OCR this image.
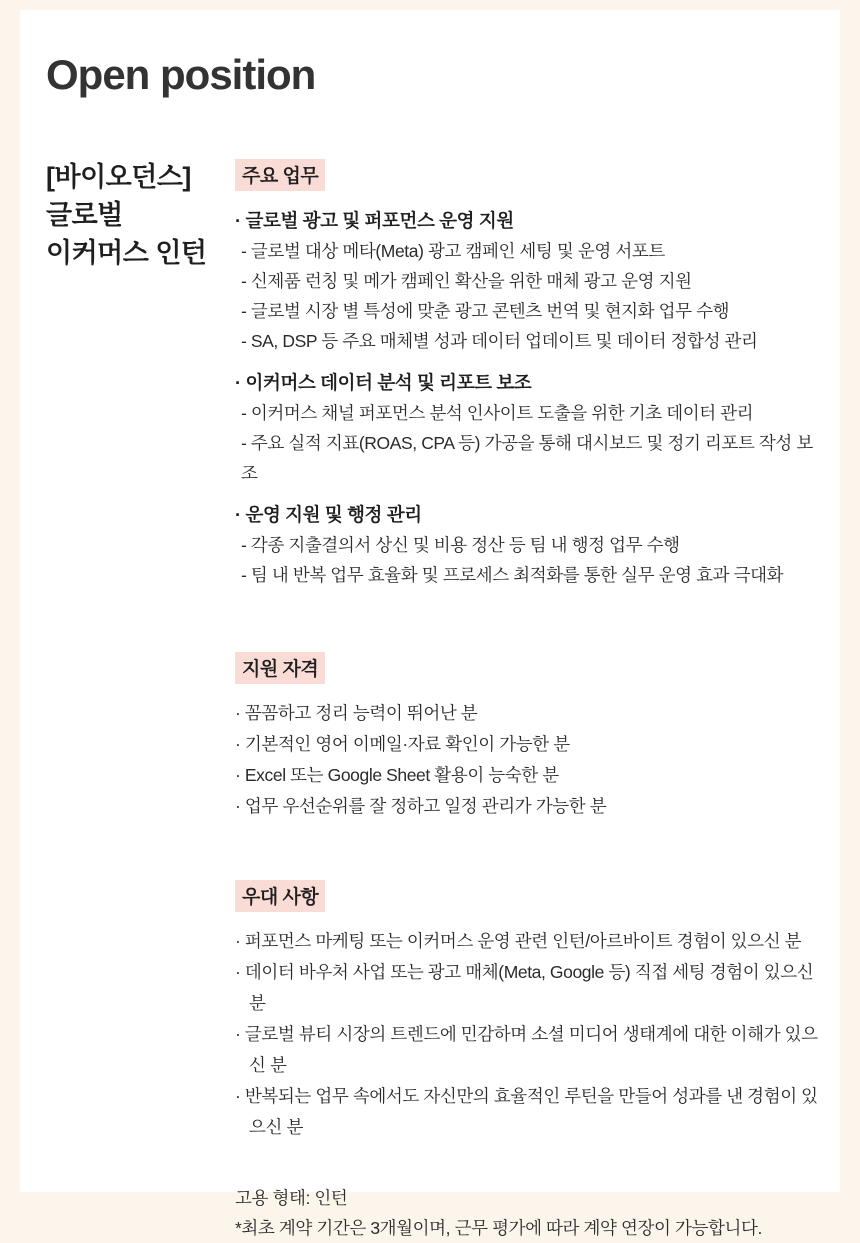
Open position
[바이오던스]
글로벌
이커머스 인턴
주요 업무
· 글로벌 광고 및 퍼포먼스 운영 지원
- 글로벌 대상 메타(Meta) 광고 캠페인 세팅 및 운영 서포트
- 신제품 런칭 및 메가 캠페인 확산을 위한 매체 광고 운영 지원
- 글로벌 시장 별 특성에 맞춘 광고 콘텐츠 번역 및 현지화 업무 수행
- SA, DSP 등 주요 매체별 성과 데이터 업데이트 및 데이터 정합성 관리
· 이커머스 데이터 분석 및 리포트 보조
- 이커머스 채널 퍼포먼스 분석 인사이트 도출을 위한 기초 데이터 관리
- 주요 실적 지표(ROAS, CPA 등) 가공을 통해 대시보드 및 정기 리포트 작성 보조
· 운영 지원 및 행정 관리
- 각종 지출결의서 상신 및 비용 정산 등 팀 내 행정 업무 수행
- 팀 내 반복 업무 효율화 및 프로세스 최적화를 통한 실무 운영 효과 극대화
지원 자격
· 꼼꼼하고 정리 능력이 뛰어난 분
· 기본적인 영어 이메일·자료 확인이 가능한 분
· Excel 또는 Google Sheet 활용이 능숙한 분
· 업무 우선순위를 잘 정하고 일정 관리가 가능한 분
우대 사항
· 퍼포먼스 마케팅 또는 이커머스 운영 관련 인턴/아르바이트 경험이 있으신 분
· 데이터 바우처 사업 또는 광고 매체(Meta, Google 등) 직접 세팅 경험이 있으신 분
· 글로벌 뷰티 시장의 트렌드에 민감하며 소셜 미디어 생태계에 대한 이해가 있으신 분
· 반복되는 업무 속에서도 자신만의 효율적인 루틴을 만들어 성과를 낸 경험이 있으신 분
고용 형태: 인턴
*최초 계약 기간은 3개월이며, 근무 평가에 따라 계약 연장이 가능합니다.
